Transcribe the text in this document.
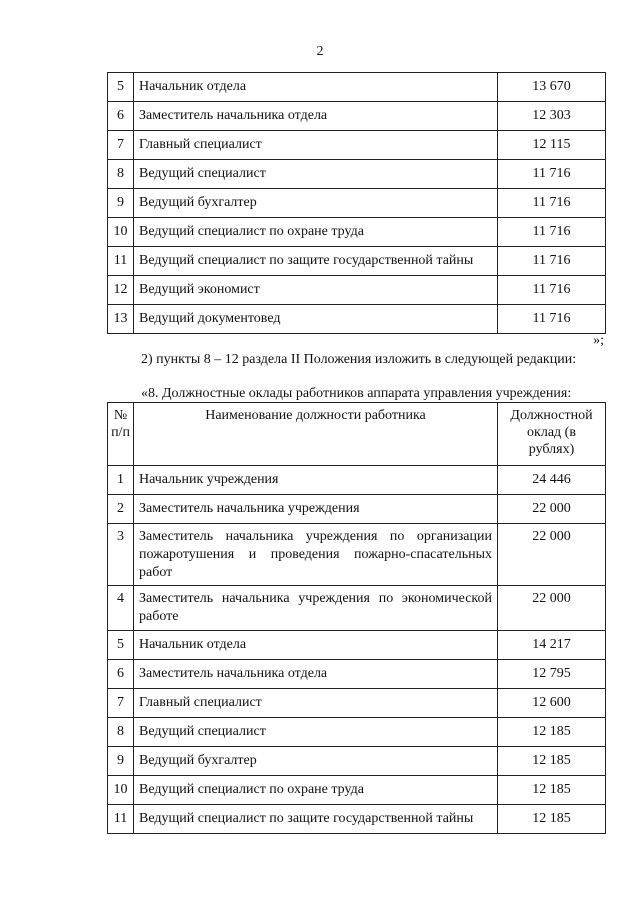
2
5	Начальник отдела	13 670
6	Заместитель начальника отдела	12 303
7	Главный специалист	12 115
8	Ведущий специалист	11 716
9	Ведущий бухгалтер	11 716
10	Ведущий специалист по охране труда	11 716
11	Ведущий специалист по защите государственной тайны	11 716
12	Ведущий экономист	11 716
13	Ведущий документовед	11 716
»;
2) пункты 8 – 12 раздела II Положения изложить в следующей редакции:
«8. Должностные оклады работников аппарата управления учреждения:
№ п/п	Наименование должности работника	Должностной оклад (в рублях)
1	Начальник учреждения	24 446
2	Заместитель начальника учреждения	22 000
3	Заместитель начальника учреждения по организации пожаротушения и проведения пожарно-спасательных работ	22 000
4	Заместитель начальника учреждения по экономической работе	22 000
5	Начальник отдела	14 217
6	Заместитель начальника отдела	12 795
7	Главный специалист	12 600
8	Ведущий специалист	12 185
9	Ведущий бухгалтер	12 185
10	Ведущий специалист по охране труда	12 185
11	Ведущий специалист по защите государственной тайны	12 185
